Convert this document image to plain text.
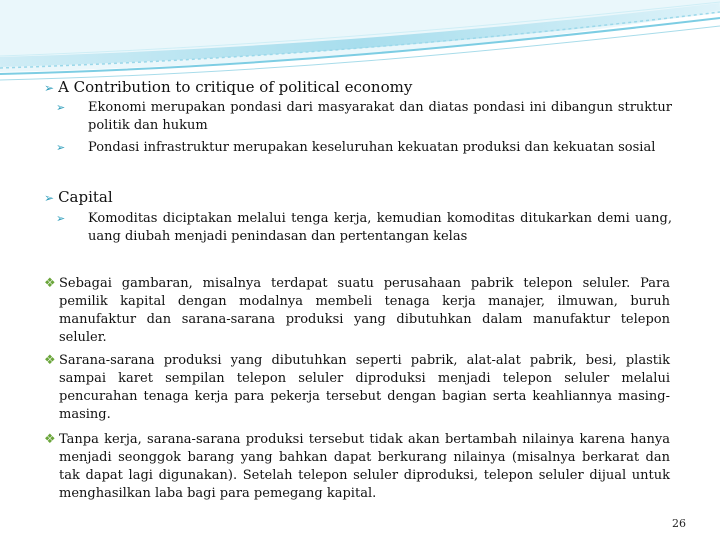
➢ A Contribution to critique of political economy
➢	Ekonomi merupakan pondasi dari masyarakat dan diatas pondasi ini dibangun struktur politik dan hukum
➢	Pondasi infrastruktur merupakan keseluruhan kekuatan produksi dan kekuatan sosial
➢ Capital
➢	Komoditas diciptakan melalui tenga kerja, kemudian komoditas ditukarkan demi uang, uang diubah menjadi penindasan dan pertentangan kelas
❖ Sebagai gambaran, misalnya terdapat suatu perusahaan pabrik telepon seluler. Para pemilik kapital dengan modalnya membeli tenaga kerja manajer, ilmuwan, buruh manufaktur dan sarana-sarana produksi yang dibutuhkan dalam manufaktur telepon seluler.
❖ Sarana-sarana produksi yang dibutuhkan seperti pabrik, alat-alat pabrik, besi, plastik sampai karet sempilan telepon seluler diproduksi menjadi telepon seluler melalui pencurahan tenaga kerja para pekerja tersebut dengan bagian serta keahliannya masing-masing.
❖ Tanpa kerja, sarana-sarana produksi tersebut tidak akan bertambah nilainya karena hanya menjadi seonggok barang yang bahkan dapat berkurang nilainya (misalnya berkarat dan tak dapat lagi digunakan). Setelah telepon seluler diproduksi, telepon seluler dijual untuk menghasilkan laba bagi para pemegang kapital.
26
